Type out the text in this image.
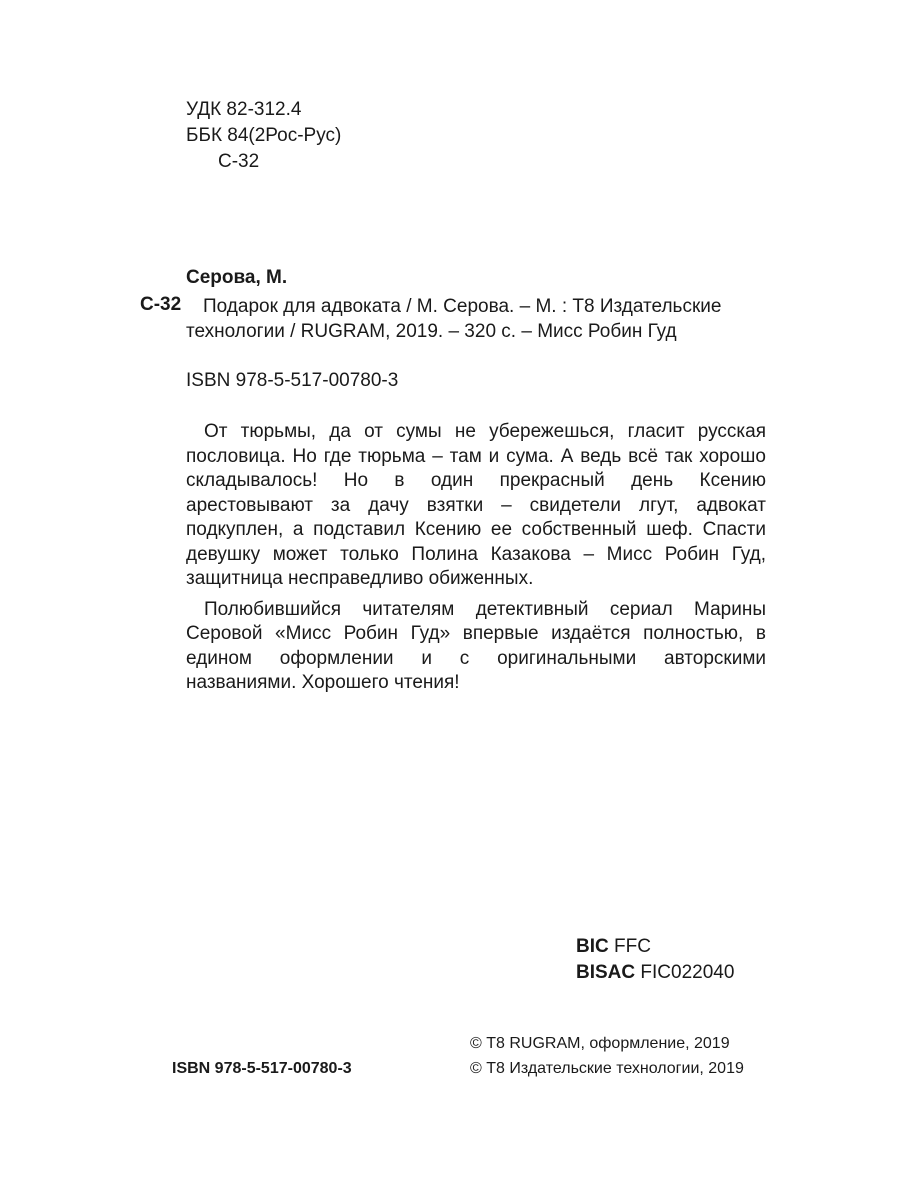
УДК 82-312.4
ББК 84(2Рос-Рус)
С-32
Серова, М.
С-32 Подарок для адвоката / М. Серова. – М. : Т8 Издательские
технологии / RUGRAM, 2019. – 320 с. – Мисс Робин Гуд
ISBN 978-5-517-00780-3

От тюрьмы, да от сумы не убережешься, гласит русская пословица. Но где тюрьма – там и сума. А ведь всё так хорошо складывалось! Но в один прекрасный день Ксению арестовывают за дачу взятки – свидетели лгут, адвокат подкуплен, а подставил Ксению ее собственный шеф. Спасти девушку может только Полина Казакова – Мисс Робин Гуд, защитница несправедливо обиженных.

Полюбившийся читателям детективный сериал Марины Серовой «Мисс Робин Гуд» впервые издаётся полностью, в едином оформлении и с оригинальными авторскими названиями. Хорошего чтения!

BIC FFC
BISAC FIC022040
© Т8 RUGRAM, оформление, 2019
ISBN 978-5-517-00780-3	© Т8 Издательские технологии, 2019
